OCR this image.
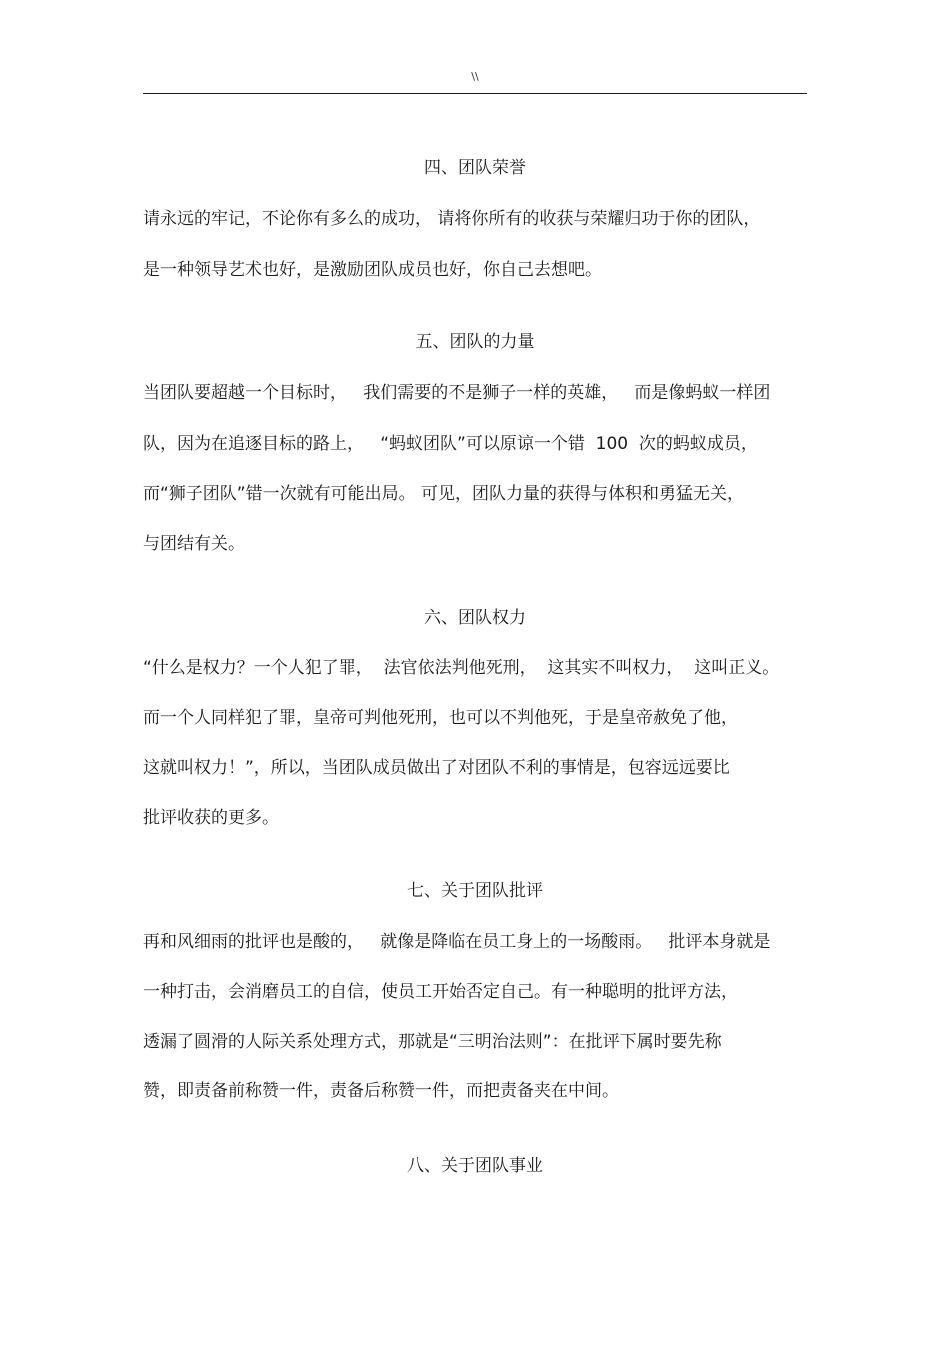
\\
四、团队荣誉
请永远的牢记，不论你有多么的成功， 请将你所有的收获与荣耀归功于你的团队，
是一种领导艺术也好，是激励团队成员也好，你自己去想吧。
五、团队的力量
当团队要超越一个目标时，   我们需要的不是狮子一样的英雄，   而是像蚂蚁一样团
队，因为在追逐目标的路上，   “蚂蚁团队”可以原谅一个错  100  次的蚂蚁成员，
而“狮子团队”错一次就有可能出局。 可见，团队力量的获得与体积和勇猛无关，
与团结有关。
六、团队权力
“什么是权力？一个人犯了罪，  法官依法判他死刑，  这其实不叫权力，  这叫正义。
而一个人同样犯了罪，皇帝可判他死刑，也可以不判他死，于是皇帝赦免了他，
这就叫权力！”，所以，当团队成员做出了对团队不利的事情是，包容远远要比
批评收获的更多。
七、关于团队批评
再和风细雨的批评也是酸的，   就像是降临在员工身上的一场酸雨。   批评本身就是
一种打击，会消磨员工的自信，使员工开始否定自己。有一种聪明的批评方法，
透漏了圆滑的人际关系处理方式，那就是“三明治法则”：在批评下属时要先称
赞，即责备前称赞一件，责备后称赞一件，而把责备夹在中间。
八、关于团队事业
